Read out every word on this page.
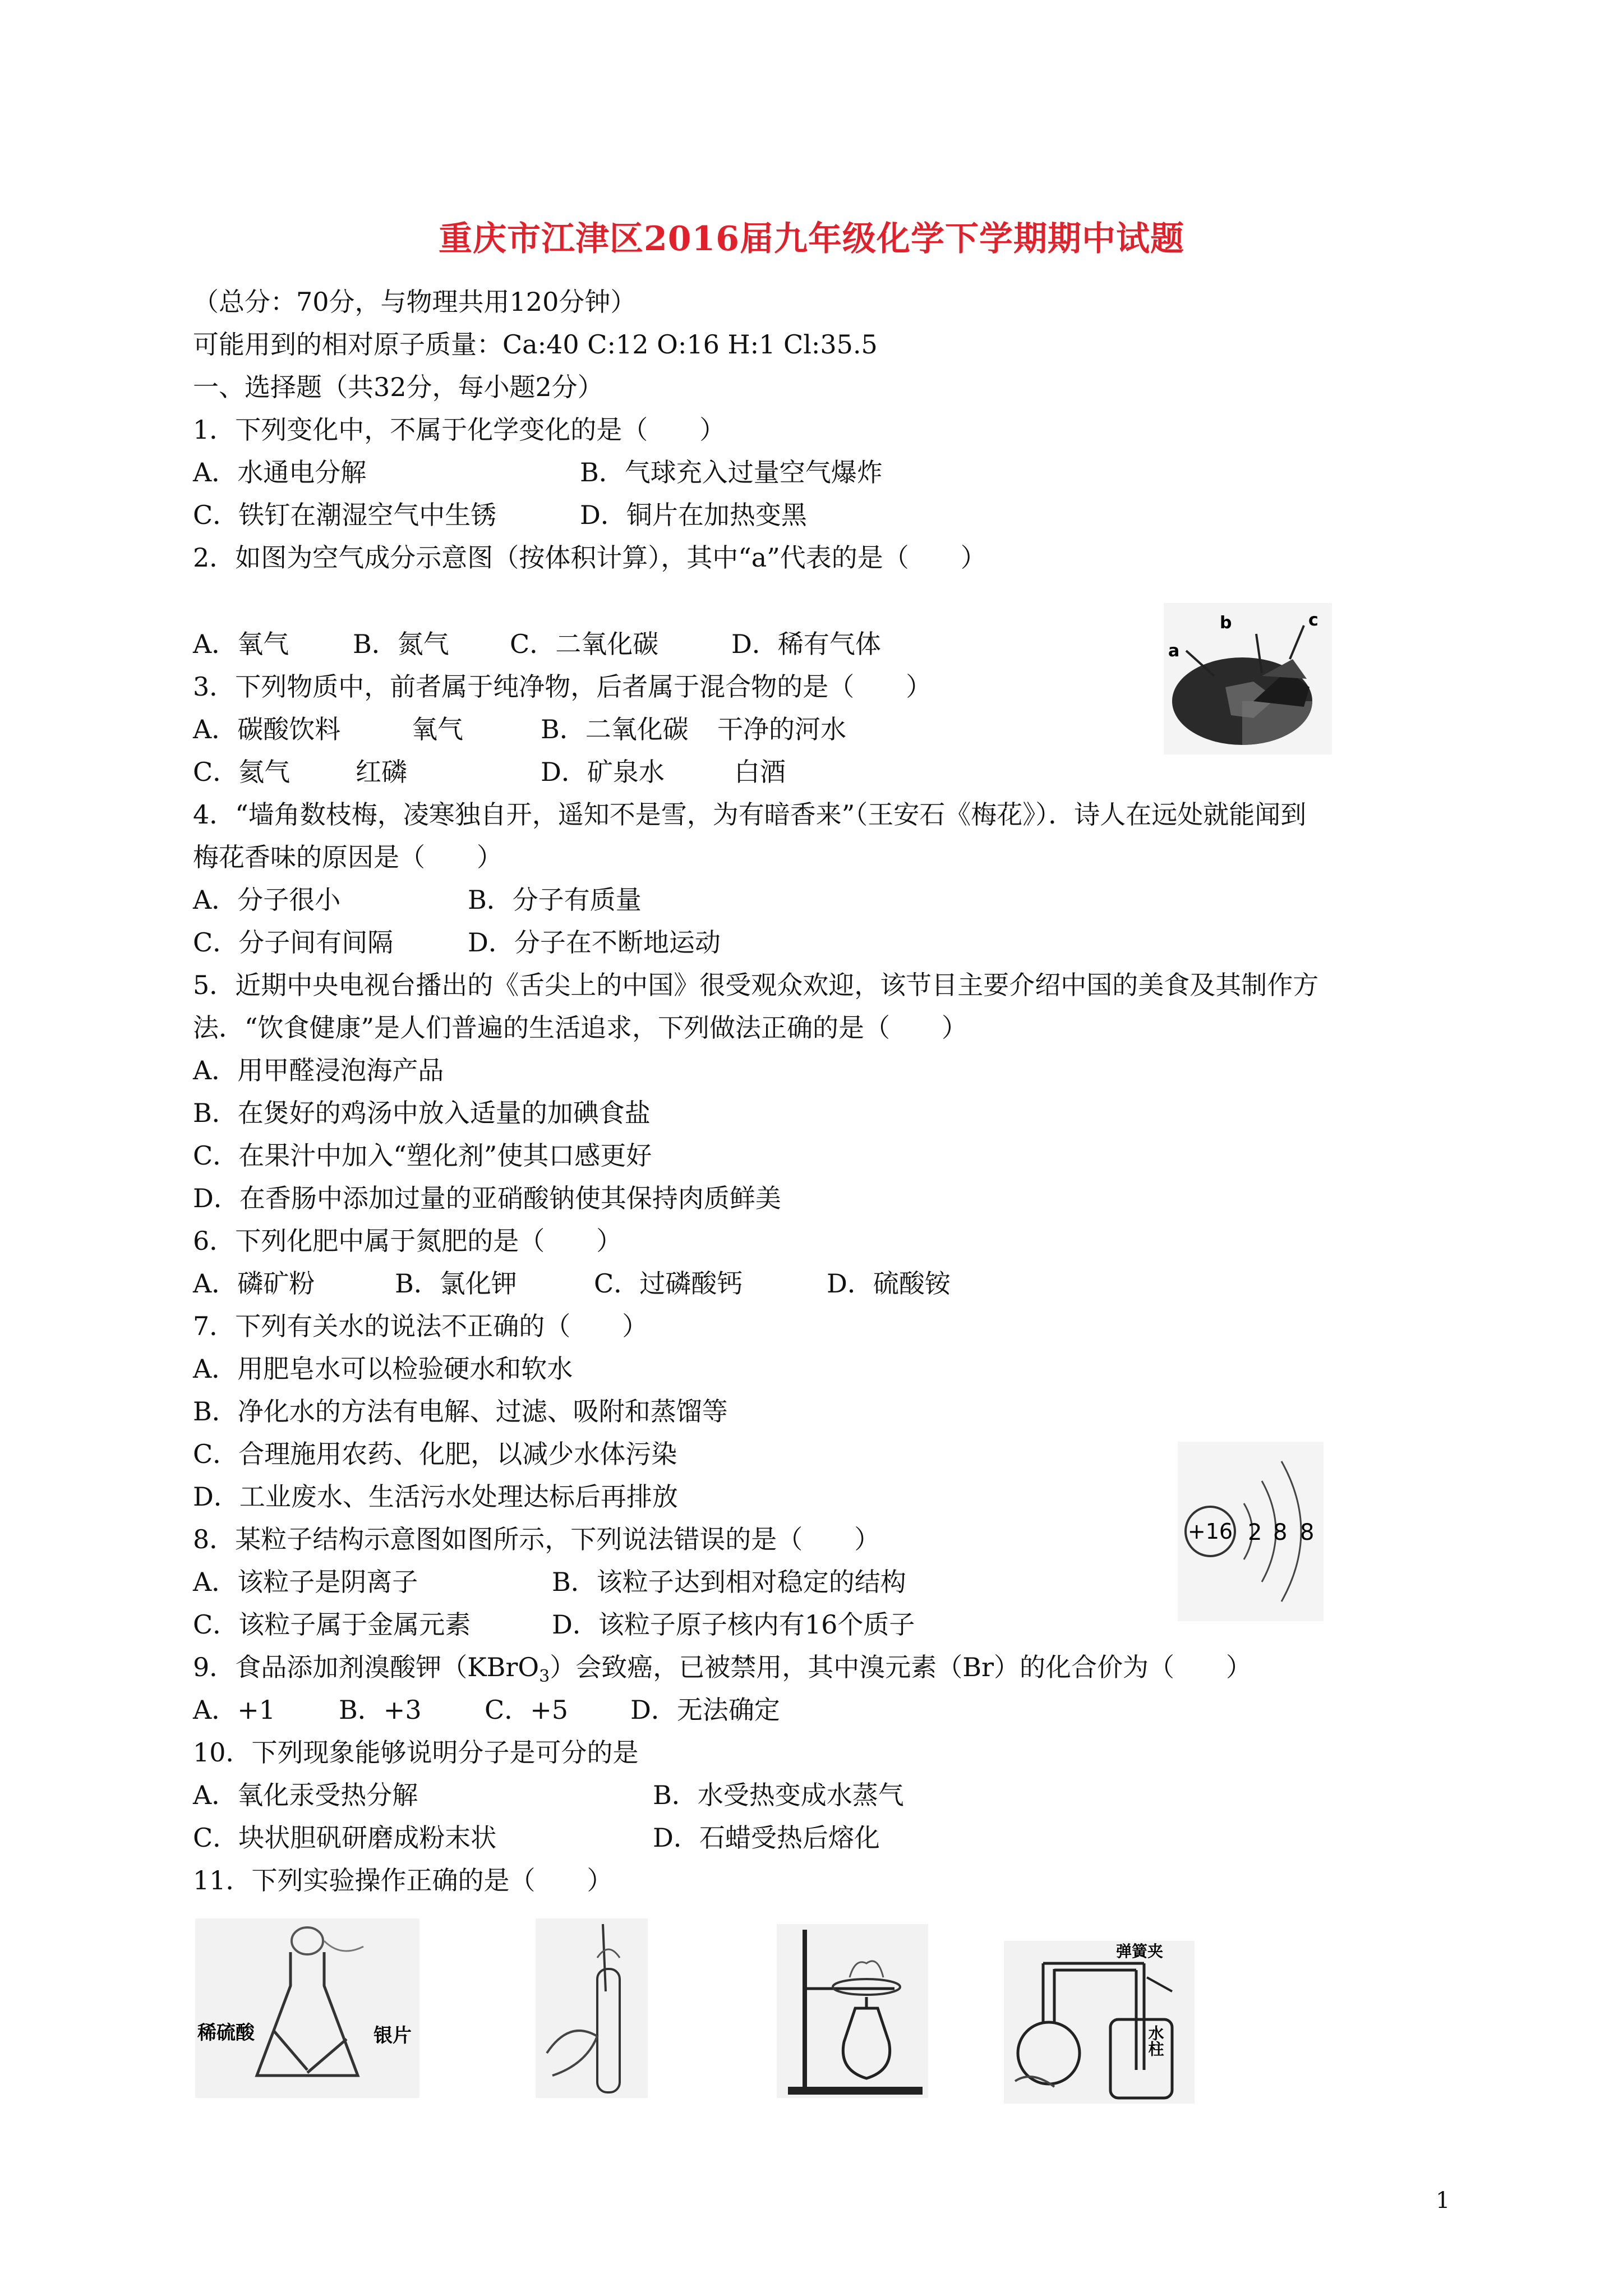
重庆市江津区2016届九年级化学下学期期中试题
（总分：70分，与物理共用120分钟）
可能用到的相对原子质量：Ca:40 C:12 O:16 H:1 Cl:35.5
一、选择题（共32分，每小题2分）
1．下列变化中，不属于化学变化的是（　　）
A．水通电分解	B．气球充入过量空气爆炸
C．铁钉在潮湿空气中生锈	D．铜片在加热变黑
2．如图为空气成分示意图（按体积计算），其中“a”代表的是（　　）
A．氧气 B．氮气 C．二氧化碳	D．稀有气体	a
b	c
3．下列物质中，前者属于纯净物，后者属于混合物的是（　　）
A．碳酸饮料	氧气	B．二氧化碳 干净的河水
C．氦气	红磷	D．矿泉水	白酒
4．“墙角数枝梅，凌寒独自开，遥知不是雪，为有暗香来”（王安石《梅花》）．诗人在远处就能闻到
梅花香味的原因是（　　）
A．分子很小	B．分子有质量
C．分子间有间隔	D．分子在不断地运动
5．近期中央电视台播出的《舌尖上的中国》很受观众欢迎，该节目主要介绍中国的美食及其制作方
法．“饮食健康”是人们普遍的生活追求，下列做法正确的是（　　）
A．用甲醛浸泡海产品
B．在煲好的鸡汤中放入适量的加碘食盐
C．在果汁中加入“塑化剂”使其口感更好
D．在香肠中添加过量的亚硝酸钠使其保持肉质鲜美
6．下列化肥中属于氮肥的是（　　）
A．磷矿粉	B．氯化钾	C．过磷酸钙	D．硫酸铵
7．下列有关水的说法不正确的（　　）
A．用肥皂水可以检验硬水和软水
B．净化水的方法有电解、过滤、吸附和蒸馏等
C．合理施用农药、化肥，以减少水体污染
D．工业废水、生活污水处理达标后再排放
+16 2 8 8
8．某粒子结构示意图如图所示，下列说法错误的是（　　）
A．该粒子是阴离子	B．该粒子达到相对稳定的结构
C．该粒子属于金属元素	D．该粒子原子核内有16个质子
9．食品添加剂溴酸钾（KBrO$_3$）会致癌，已被禁用，其中溴元素（Br）的化合价为（　　）
A．+1 B．+3 C．+5 D．无法确定
10．下列现象能够说明分子是可分的是
A．氧化汞受热分解	B．水受热变成水蒸气
C．块状胆矾研磨成粉末状	D．石蜡受热后熔化
11．下列实验操作正确的是（　　）
稀硫酸	银片
弹簧夹
水柱
1
